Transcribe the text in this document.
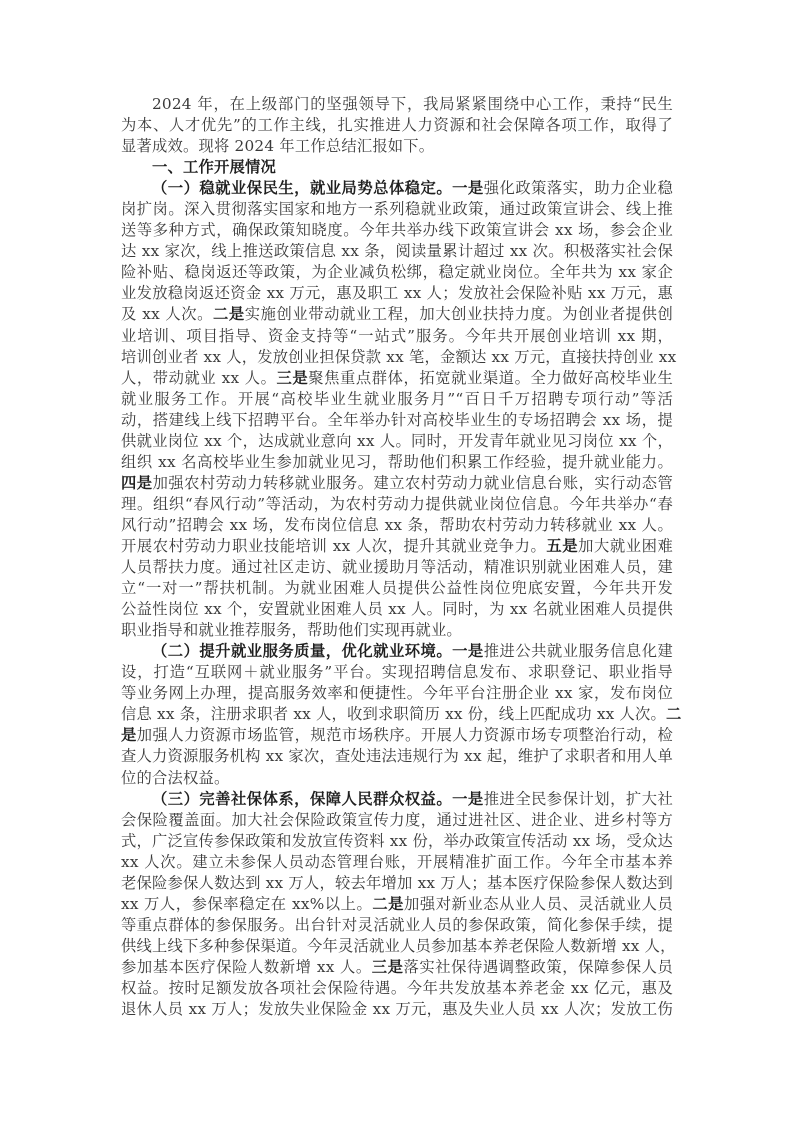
2024 年，在上级部门的坚强领导下，我局紧紧围绕中心工作，秉持“民生
为本、人才优先”的工作主线，扎实推进人力资源和社会保障各项工作，取得了
显著成效。现将 2024 年工作总结汇报如下。
一、工作开展情况
（一）稳就业保民生，就业局势总体稳定。一是强化政策落实，助力企业稳
岗扩岗。深入贯彻落实国家和地方一系列稳就业政策，通过政策宣讲会、线上推
送等多种方式，确保政策知晓度。今年共举办线下政策宣讲会 xx 场，参会企业
达 xx 家次，线上推送政策信息 xx 条，阅读量累计超过 xx 次。积极落实社会保
险补贴、稳岗返还等政策，为企业减负松绑，稳定就业岗位。全年共为 xx 家企
业发放稳岗返还资金 xx 万元，惠及职工 xx 人；发放社会保险补贴 xx 万元，惠
及 xx 人次。二是实施创业带动就业工程，加大创业扶持力度。为创业者提供创
业培训、项目指导、资金支持等“一站式”服务。今年共开展创业培训 xx 期，
培训创业者 xx 人，发放创业担保贷款 xx 笔，金额达 xx 万元，直接扶持创业 xx
人，带动就业 xx 人。三是聚焦重点群体，拓宽就业渠道。全力做好高校毕业生
就业服务工作。开展“高校毕业生就业服务月”“百日千万招聘专项行动”等活
动，搭建线上线下招聘平台。全年举办针对高校毕业生的专场招聘会 xx 场，提
供就业岗位 xx 个，达成就业意向 xx 人。同时，开发青年就业见习岗位 xx 个，
组织 xx 名高校毕业生参加就业见习，帮助他们积累工作经验，提升就业能力。
四是加强农村劳动力转移就业服务。建立农村劳动力就业信息台账，实行动态管
理。组织“春风行动”等活动，为农村劳动力提供就业岗位信息。今年共举办“春
风行动”招聘会 xx 场，发布岗位信息 xx 条，帮助农村劳动力转移就业 xx 人。
开展农村劳动力职业技能培训 xx 人次，提升其就业竞争力。五是加大就业困难
人员帮扶力度。通过社区走访、就业援助月等活动，精准识别就业困难人员，建
立“一对一”帮扶机制。为就业困难人员提供公益性岗位兜底安置，今年共开发
公益性岗位 xx 个，安置就业困难人员 xx 人。同时，为 xx 名就业困难人员提供
职业指导和就业推荐服务，帮助他们实现再就业。
（二）提升就业服务质量，优化就业环境。一是推进公共就业服务信息化建
设，打造“互联网＋就业服务”平台。实现招聘信息发布、求职登记、职业指导
等业务网上办理，提高服务效率和便捷性。今年平台注册企业 xx 家，发布岗位
信息 xx 条，注册求职者 xx 人，收到求职简历 xx 份，线上匹配成功 xx 人次。二
是加强人力资源市场监管，规范市场秩序。开展人力资源市场专项整治行动，检
查人力资源服务机构 xx 家次，查处违法违规行为 xx 起，维护了求职者和用人单
位的合法权益。
（三）完善社保体系，保障人民群众权益。一是推进全民参保计划，扩大社
会保险覆盖面。加大社会保险政策宣传力度，通过进社区、进企业、进乡村等方
式，广泛宣传参保政策和发放宣传资料 xx 份，举办政策宣传活动 xx 场，受众达
xx 人次。建立未参保人员动态管理台账，开展精准扩面工作。今年全市基本养
老保险参保人数达到 xx 万人，较去年增加 xx 万人；基本医疗保险参保人数达到
xx 万人，参保率稳定在 xx%以上。二是加强对新业态从业人员、灵活就业人员
等重点群体的参保服务。出台针对灵活就业人员的参保政策，简化参保手续，提
供线上线下多种参保渠道。今年灵活就业人员参加基本养老保险人数新增 xx 人，
参加基本医疗保险人数新增 xx 人。三是落实社保待遇调整政策，保障参保人员
权益。按时足额发放各项社会保险待遇。今年共发放基本养老金 xx 亿元，惠及
退休人员 xx 万人；发放失业保险金 xx 万元，惠及失业人员 xx 人次；发放工伤
